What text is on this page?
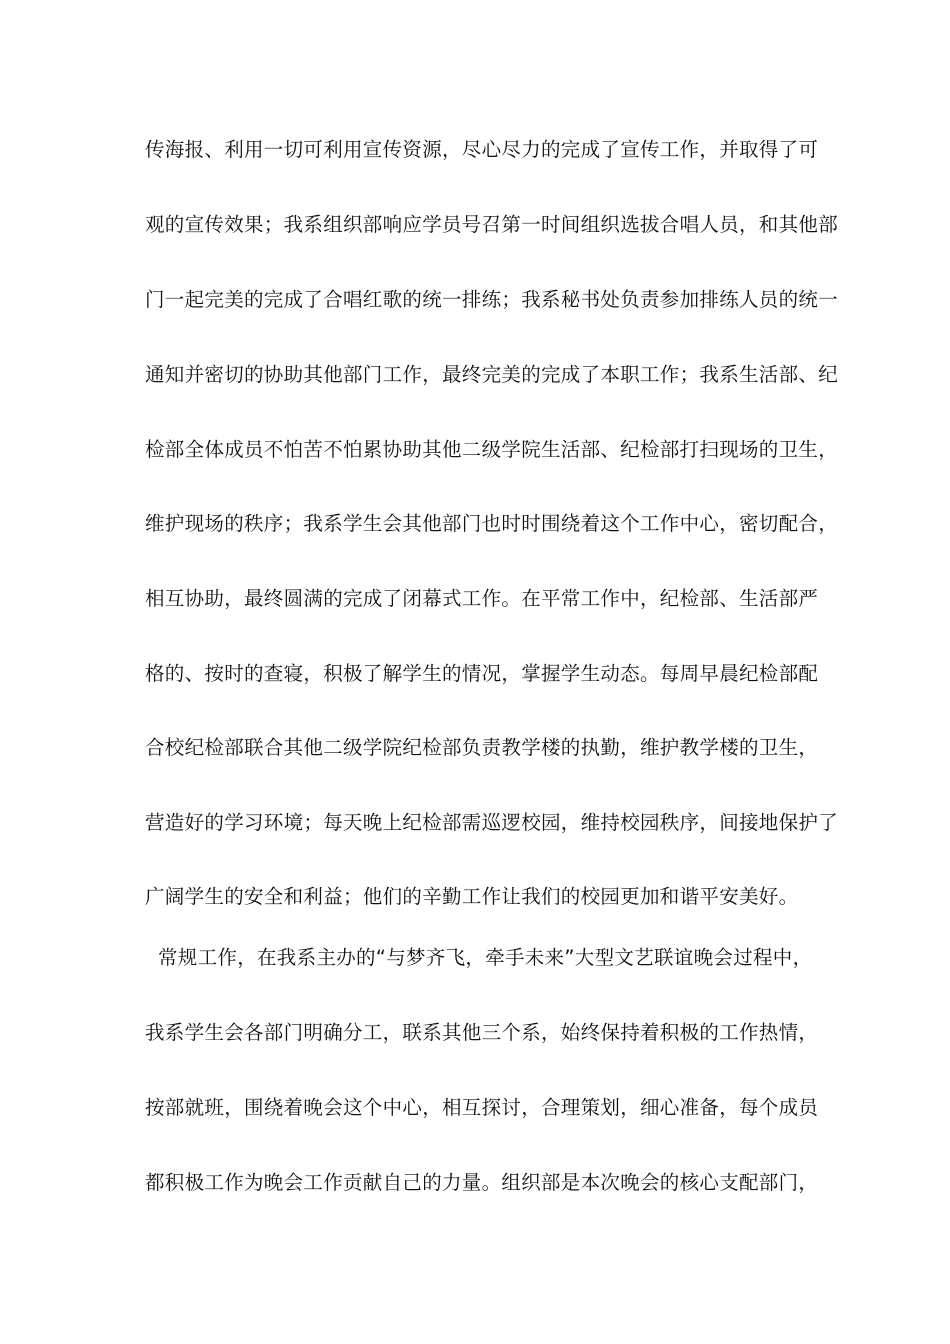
传海报、利用一切可利用宣传资源，尽心尽力的完成了宣传工作，并取得了可
观的宣传效果；我系组织部响应学员号召第一时间组织选拔合唱人员，和其他部
门一起完美的完成了合唱红歌的统一排练；我系秘书处负责参加排练人员的统一
通知并密切的协助其他部门工作，最终完美的完成了本职工作；我系生活部、纪
检部全体成员不怕苦不怕累协助其他二级学院生活部、纪检部打扫现场的卫生，
维护现场的秩序；我系学生会其他部门也时时围绕着这个工作中心，密切配合，
相互协助，最终圆满的完成了闭幕式工作。在平常工作中，纪检部、生活部严
格的、按时的查寝，积极了解学生的情况，掌握学生动态。每周早晨纪检部配
合校纪检部联合其他二级学院纪检部负责教学楼的执勤，维护教学楼的卫生，
营造好的学习环境；每天晚上纪检部需巡逻校园，维持校园秩序，间接地保护了
广阔学生的安全和利益；他们的辛勤工作让我们的校园更加和谐平安美好。
常规工作，在我系主办的“与梦齐飞，牵手未来”大型文艺联谊晚会过程中，
我系学生会各部门明确分工，联系其他三个系，始终保持着积极的工作热情，
按部就班，围绕着晚会这个中心，相互探讨，合理策划，细心准备，每个成员
都积极工作为晚会工作贡献自己的力量。组织部是本次晚会的核心支配部门，
